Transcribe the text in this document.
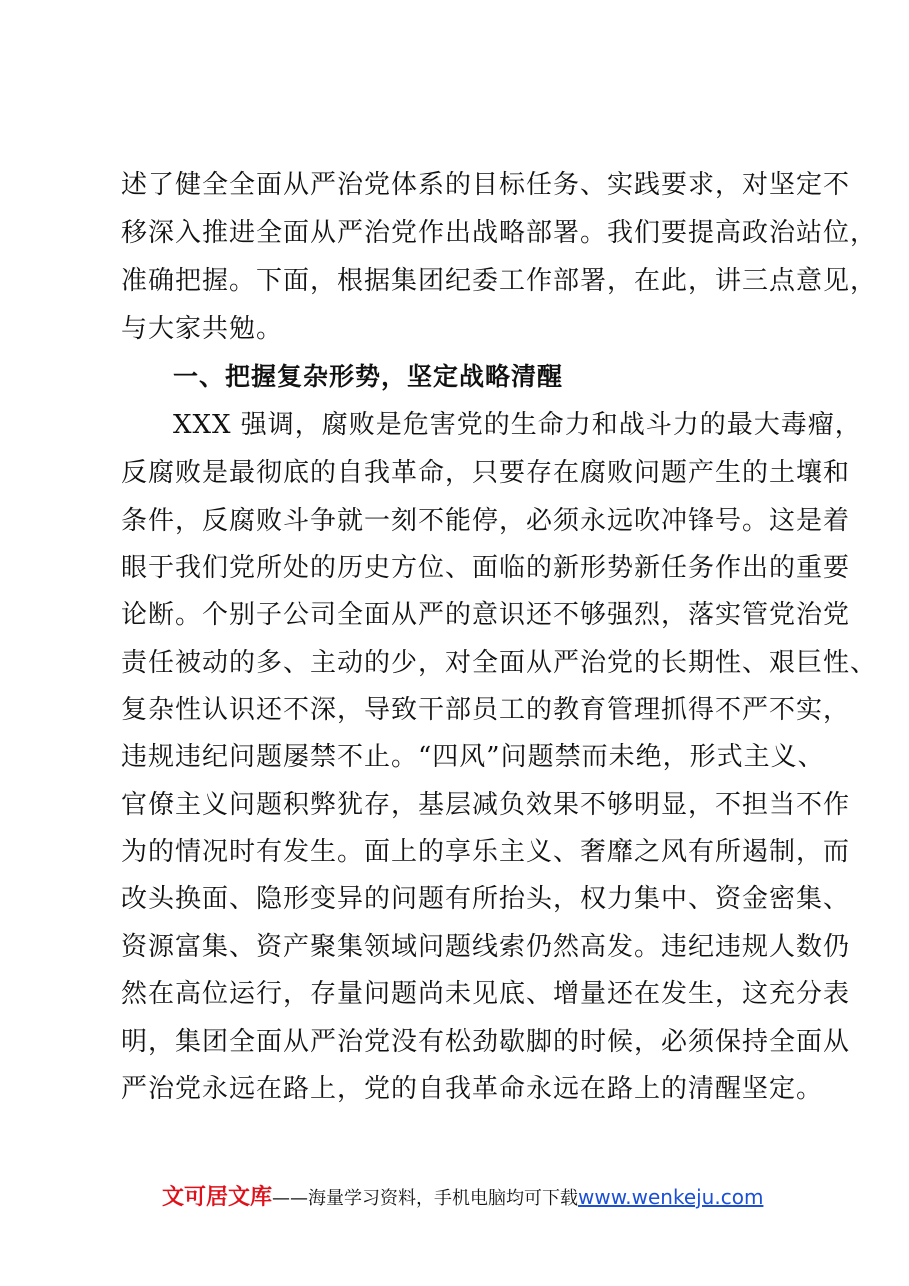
述了健全全面从严治党体系的目标任务、实践要求，对坚定不
移深入推进全面从严治党作出战略部署。我们要提高政治站位，
准确把握。下面，根据集团纪委工作部署，在此，讲三点意见，
与大家共勉。
一、把握复杂形势，坚定战略清醒
XXX 强调，腐败是危害党的生命力和战斗力的最大毒瘤，
反腐败是最彻底的自我革命，只要存在腐败问题产生的土壤和
条件，反腐败斗争就一刻不能停，必须永远吹冲锋号。这是着
眼于我们党所处的历史方位、面临的新形势新任务作出的重要
论断。个别子公司全面从严的意识还不够强烈，落实管党治党
责任被动的多、主动的少，对全面从严治党的长期性、艰巨性、
复杂性认识还不深，导致干部员工的教育管理抓得不严不实，
违规违纪问题屡禁不止。“四风”问题禁而未绝，形式主义、
官僚主义问题积弊犹存，基层减负效果不够明显，不担当不作
为的情况时有发生。面上的享乐主义、奢靡之风有所遏制，而
改头换面、隐形变异的问题有所抬头，权力集中、资金密集、
资源富集、资产聚集领域问题线索仍然高发。违纪违规人数仍
然在高位运行，存量问题尚未见底、增量还在发生，这充分表
明，集团全面从严治党没有松劲歇脚的时候，必须保持全面从
严治党永远在路上，党的自我革命永远在路上的清醒坚定。
文可居文库——海量学习资料，手机电脑均可下载www.wenkeju.com
